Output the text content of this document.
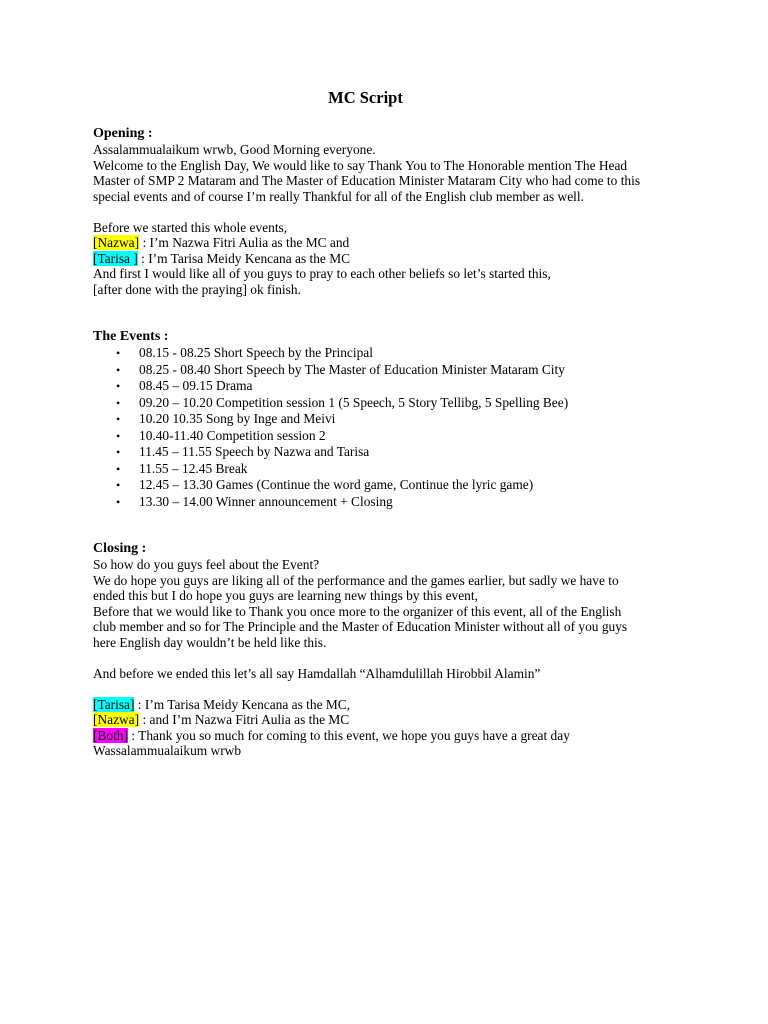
MC Script
Opening :
Assalammualaikum wrwb, Good Morning everyone.
Welcome to the English Day, We would like to say Thank You to The Honorable mention The Head
Master of SMP 2 Mataram and The Master of Education Minister Mataram City who had come to this
special events and of course I’m really Thankful for all of the English club member as well.
Before we started this whole events,
[Nazwa] : I’m Nazwa Fitri Aulia as the MC and
[Tarisa ] : I’m Tarisa Meidy Kencana as the MC
And first I would like all of you guys to pray to each other beliefs so let’s started this,
[after done with the praying] ok finish.
The Events :
• 08.15 - 08.25 Short Speech by the Principal
• 08.25 - 08.40 Short Speech by The Master of Education Minister Mataram City
• 08.45 – 09.15 Drama
• 09.20 – 10.20 Competition session 1 (5 Speech, 5 Story Tellibg, 5 Spelling Bee)
• 10.20 10.35 Song by Inge and Meivi
• 10.40-11.40 Competition session 2
• 11.45 – 11.55 Speech by Nazwa and Tarisa
• 11.55 – 12.45 Break
• 12.45 – 13.30 Games (Continue the word game, Continue the lyric game)
• 13.30 – 14.00 Winner announcement + Closing
Closing :
So how do you guys feel about the Event?
We do hope you guys are liking all of the performance and the games earlier, but sadly we have to
ended this but I do hope you guys are learning new things by this event,
Before that we would like to Thank you once more to the organizer of this event, all of the English
club member and so for The Principle and the Master of Education Minister without all of you guys
here English day wouldn’t be held like this.
And before we ended this let’s all say Hamdallah “Alhamdulillah Hirobbil Alamin”
[Tarisa] : I’m Tarisa Meidy Kencana as the MC,
[Nazwa] : and I’m Nazwa Fitri Aulia as the MC
[Both] : Thank you so much for coming to this event, we hope you guys have a great day
Wassalammualaikum wrwb
